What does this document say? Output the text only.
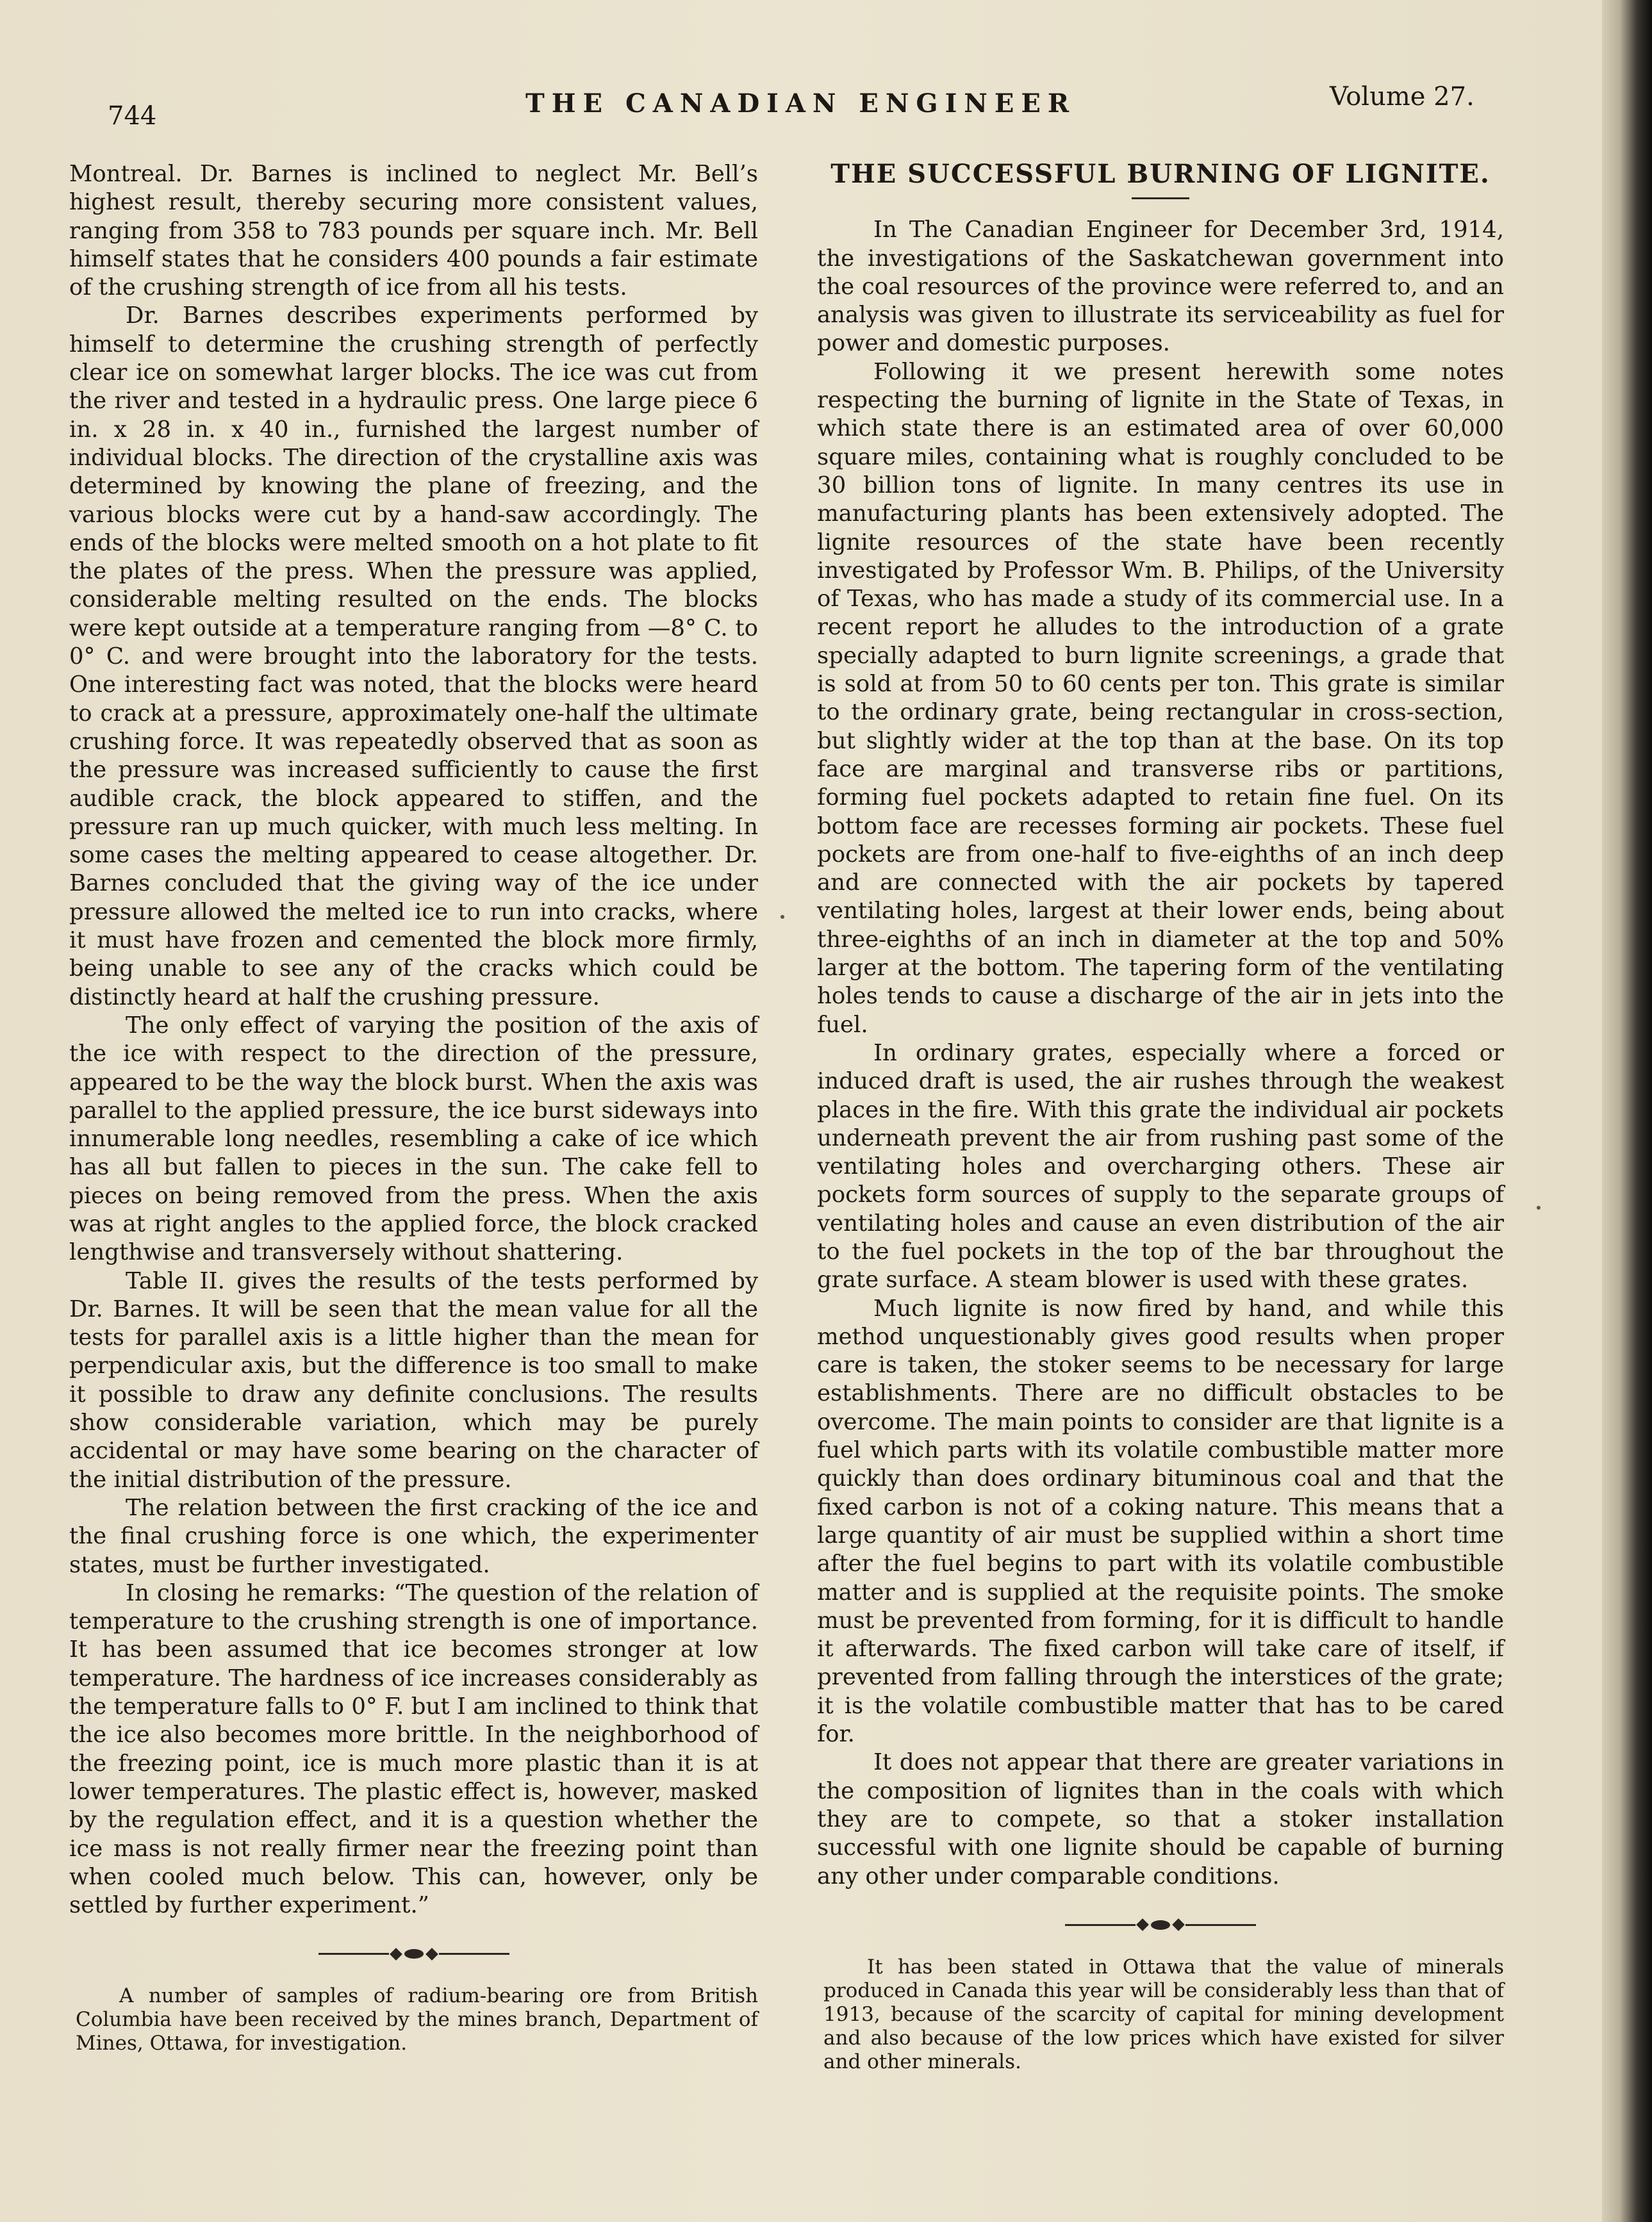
744	THE CANADIAN ENGINEER	Volume 27.

Montreal. Dr. Barnes is inclined to neglect Mr. Bell’s highest result, thereby securing more consistent values, ranging from 358 to 783 pounds per square inch. Mr. Bell himself states that he considers 400 pounds a fair estimate of the crushing strength of ice from all his tests.

Dr. Barnes describes experiments performed by himself to determine the crushing strength of perfectly clear ice on somewhat larger blocks. The ice was cut from the river and tested in a hydraulic press. One large piece 6 in. x 28 in. x 40 in., furnished the largest number of individual blocks. The direction of the crystalline axis was determined by knowing the plane of freezing, and the various blocks were cut by a hand-saw accordingly. The ends of the blocks were melted smooth on a hot plate to fit the plates of the press. When the pressure was applied, considerable melting resulted on the ends. The blocks were kept outside at a temperature ranging from —8° C. to 0° C. and were brought into the laboratory for the tests. One interesting fact was noted, that the blocks were heard to crack at a pressure, approximately one-half the ultimate crushing force. It was repeatedly observed that as soon as the pressure was increased sufficiently to cause the first audible crack, the block appeared to stiffen, and the pressure ran up much quicker, with much less melting. In some cases the melting appeared to cease altogether. Dr. Barnes concluded that the giving way of the ice under pressure allowed the melted ice to run into cracks, where it must have frozen and cemented the block more firmly, being unable to see any of the cracks which could be distinctly heard at half the crushing pressure.

The only effect of varying the position of the axis of the ice with respect to the direction of the pressure, appeared to be the way the block burst. When the axis was parallel to the applied pressure, the ice burst sideways into innumerable long needles, resembling a cake of ice which has all but fallen to pieces in the sun. The cake fell to pieces on being removed from the press. When the axis was at right angles to the applied force, the block cracked lengthwise and transversely without shattering.

Table II. gives the results of the tests performed by Dr. Barnes. It will be seen that the mean value for all the tests for parallel axis is a little higher than the mean for perpendicular axis, but the difference is too small to make it possible to draw any definite conclusions. The results show considerable variation, which may be purely accidental or may have some bearing on the character of the initial distribution of the pressure.

The relation between the first cracking of the ice and the final crushing force is one which, the experimenter states, must be further investigated.

In closing he remarks: “The question of the relation of temperature to the crushing strength is one of importance. It has been assumed that ice becomes stronger at low temperature. The hardness of ice increases considerably as the temperature falls to 0° F. but I am inclined to think that the ice also becomes more brittle. In the neighborhood of the freezing point, ice is much more plastic than it is at lower temperatures. The plastic effect is, however, masked by the regulation effect, and it is a question whether the ice mass is not really firmer near the freezing point than when cooled much below. This can, however, only be settled by further experiment.”

A number of samples of radium-bearing ore from British Columbia have been received by the mines branch, Department of Mines, Ottawa, for investigation.

THE SUCCESSFUL BURNING OF LIGNITE.

In The Canadian Engineer for December 3rd, 1914, the investigations of the Saskatchewan government into the coal resources of the province were referred to, and an analysis was given to illustrate its serviceability as fuel for power and domestic purposes.

Following it we present herewith some notes respecting the burning of lignite in the State of Texas, in which state there is an estimated area of over 60,000 square miles, containing what is roughly concluded to be 30 billion tons of lignite. In many centres its use in manufacturing plants has been extensively adopted. The lignite resources of the state have been recently investigated by Professor Wm. B. Philips, of the University of Texas, who has made a study of its commercial use. In a recent report he alludes to the introduction of a grate specially adapted to burn lignite screenings, a grade that is sold at from 50 to 60 cents per ton. This grate is similar to the ordinary grate, being rectangular in cross-section, but slightly wider at the top than at the base. On its top face are marginal and transverse ribs or partitions, forming fuel pockets adapted to retain fine fuel. On its bottom face are recesses forming air pockets. These fuel pockets are from one-half to five-eighths of an inch deep and are connected with the air pockets by tapered ventilating holes, largest at their lower ends, being about three-eighths of an inch in diameter at the top and 50% larger at the bottom. The tapering form of the ventilating holes tends to cause a discharge of the air in jets into the fuel.

In ordinary grates, especially where a forced or induced draft is used, the air rushes through the weakest places in the fire. With this grate the individual air pockets underneath prevent the air from rushing past some of the ventilating holes and overcharging others. These air pockets form sources of supply to the separate groups of ventilating holes and cause an even distribution of the air to the fuel pockets in the top of the bar throughout the grate surface. A steam blower is used with these grates.

Much lignite is now fired by hand, and while this method unquestionably gives good results when proper care is taken, the stoker seems to be necessary for large establishments. There are no difficult obstacles to be overcome. The main points to consider are that lignite is a fuel which parts with its volatile combustible matter more quickly than does ordinary bituminous coal and that the fixed carbon is not of a coking nature. This means that a large quantity of air must be supplied within a short time after the fuel begins to part with its volatile combustible matter and is supplied at the requisite points. The smoke must be prevented from forming, for it is difficult to handle it afterwards. The fixed carbon will take care of itself, if prevented from falling through the interstices of the grate; it is the volatile combustible matter that has to be cared for.

It does not appear that there are greater variations in the composition of lignites than in the coals with which they are to compete, so that a stoker installation successful with one lignite should be capable of burning any other under comparable conditions.

It has been stated in Ottawa that the value of minerals produced in Canada this year will be considerably less than that of 1913, because of the scarcity of capital for mining development and also because of the low prices which have existed for silver and other minerals.
